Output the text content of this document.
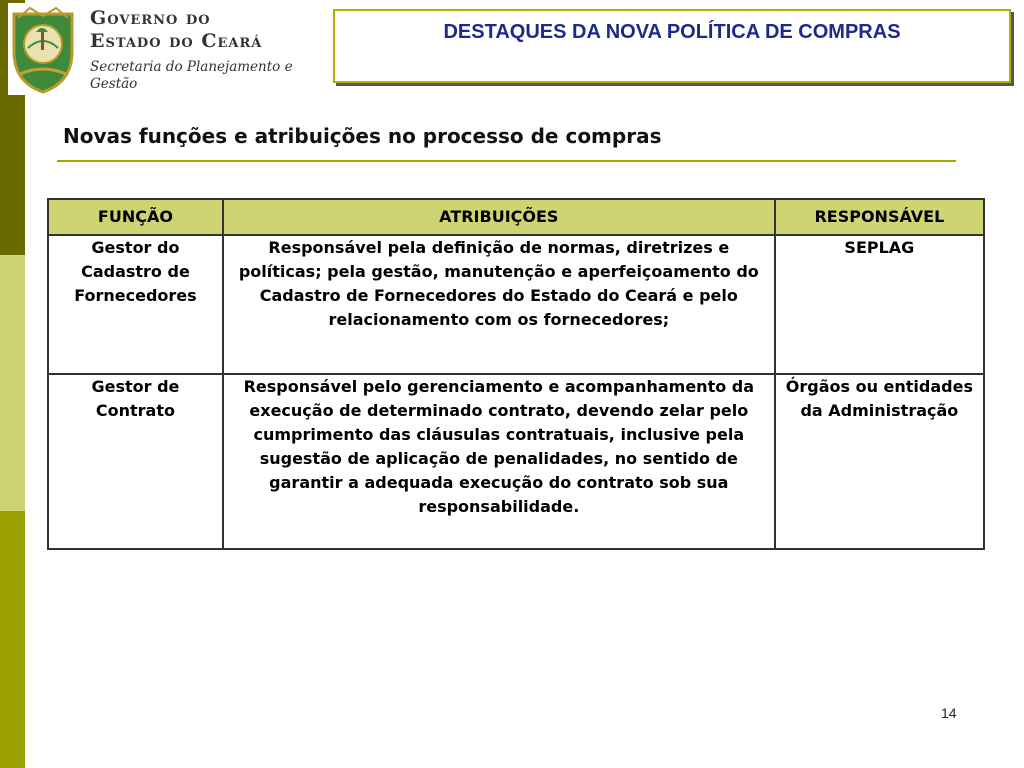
Governo do
Estado do Ceará
Secretaria do Planejamento e
Gestão
DESTAQUES DA NOVA POLÍTICA DE COMPRAS
Novas funções e atribuições no processo de compras
FUNÇÃO	ATRIBUIÇÕES	RESPONSÁVEL
Gestor do Cadastro de Fornecedores	Responsável pela definição de normas, diretrizes e políticas; pela gestão, manutenção e aperfeiçoamento do Cadastro de Fornecedores do Estado do Ceará e pelo relacionamento com os fornecedores;	SEPLAG
Gestor de Contrato	Responsável pelo gerenciamento e acompanhamento da execução de determinado contrato, devendo zelar pelo cumprimento das cláusulas contratuais, inclusive pela sugestão de aplicação de penalidades, no sentido de garantir a adequada execução do contrato sob sua responsabilidade.	Órgãos ou entidades da Administração
14
